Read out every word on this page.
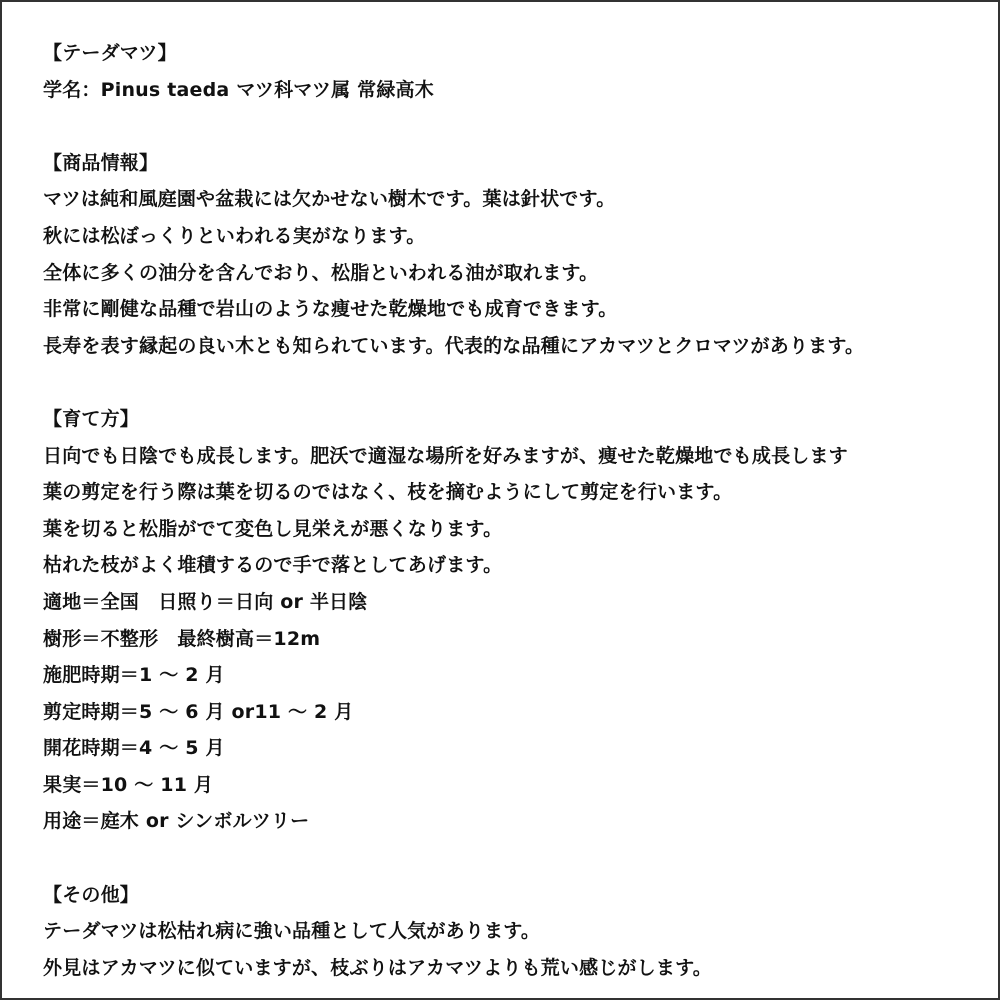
【テーダマツ】
学名：Pinus taeda マツ科マツ属 常緑高木
【商品情報】
マツは純和風庭園や盆栽には欠かせない樹木です。葉は針状です。
秋には松ぼっくりといわれる実がなります。
全体に多くの油分を含んでおり、松脂といわれる油が取れます。
非常に剛健な品種で岩山のような痩せた乾燥地でも成育できます。
長寿を表す縁起の良い木とも知られています。代表的な品種にアカマツとクロマツがあります。
【育て方】
日向でも日陰でも成長します。肥沃で適湿な場所を好みますが、痩せた乾燥地でも成長します
葉の剪定を行う際は葉を切るのではなく、枝を摘むようにして剪定を行います。
葉を切ると松脂がでて変色し見栄えが悪くなります。
枯れた枝がよく堆積するので手で落としてあげます。
適地＝全国　日照り＝日向 or 半日陰
樹形＝不整形　最終樹高＝12m
施肥時期＝1 ～ 2 月
剪定時期＝5 ～ 6 月 or11 ～ 2 月
開花時期＝4 ～ 5 月
果実＝10 ～ 11 月
用途＝庭木 or シンボルツリー
【その他】
テーダマツは松枯れ病に強い品種として人気があります。
外見はアカマツに似ていますが、枝ぶりはアカマツよりも荒い感じがします。
